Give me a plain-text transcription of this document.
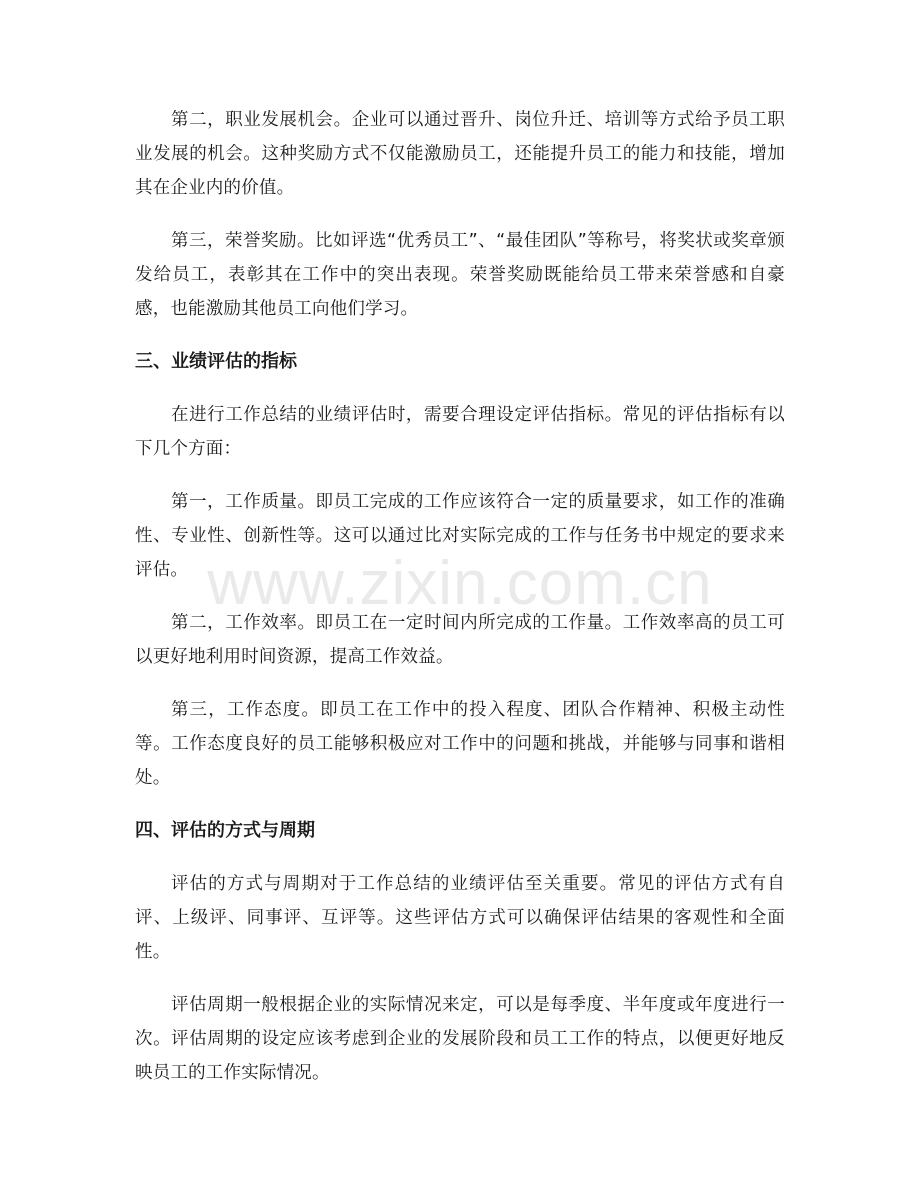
第二，职业发展机会。企业可以通过晋升、岗位升迁、培训等方式给予员工职业发展的机会。这种奖励方式不仅能激励员工，还能提升员工的能力和技能，增加其在企业内的价值。

第三，荣誉奖励。比如评选“优秀员工”、“最佳团队”等称号，将奖状或奖章颁发给员工，表彰其在工作中的突出表现。荣誉奖励既能给员工带来荣誉感和自豪感，也能激励其他员工向他们学习。

三、业绩评估的指标

在进行工作总结的业绩评估时，需要合理设定评估指标。常见的评估指标有以下几个方面：

第一，工作质量。即员工完成的工作应该符合一定的质量要求，如工作的准确性、专业性、创新性等。这可以通过比对实际完成的工作与任务书中规定的要求来评估。

第二，工作效率。即员工在一定时间内所完成的工作量。工作效率高的员工可以更好地利用时间资源，提高工作效益。

第三，工作态度。即员工在工作中的投入程度、团队合作精神、积极主动性等。工作态度良好的员工能够积极应对工作中的问题和挑战，并能够与同事和谐相处。

四、评估的方式与周期

评估的方式与周期对于工作总结的业绩评估至关重要。常见的评估方式有自评、上级评、同事评、互评等。这些评估方式可以确保评估结果的客观性和全面性。

评估周期一般根据企业的实际情况来定，可以是每季度、半年度或年度进行一次。评估周期的设定应该考虑到企业的发展阶段和员工工作的特点，以便更好地反映员工的工作实际情况。

www.zixin.com.cn
